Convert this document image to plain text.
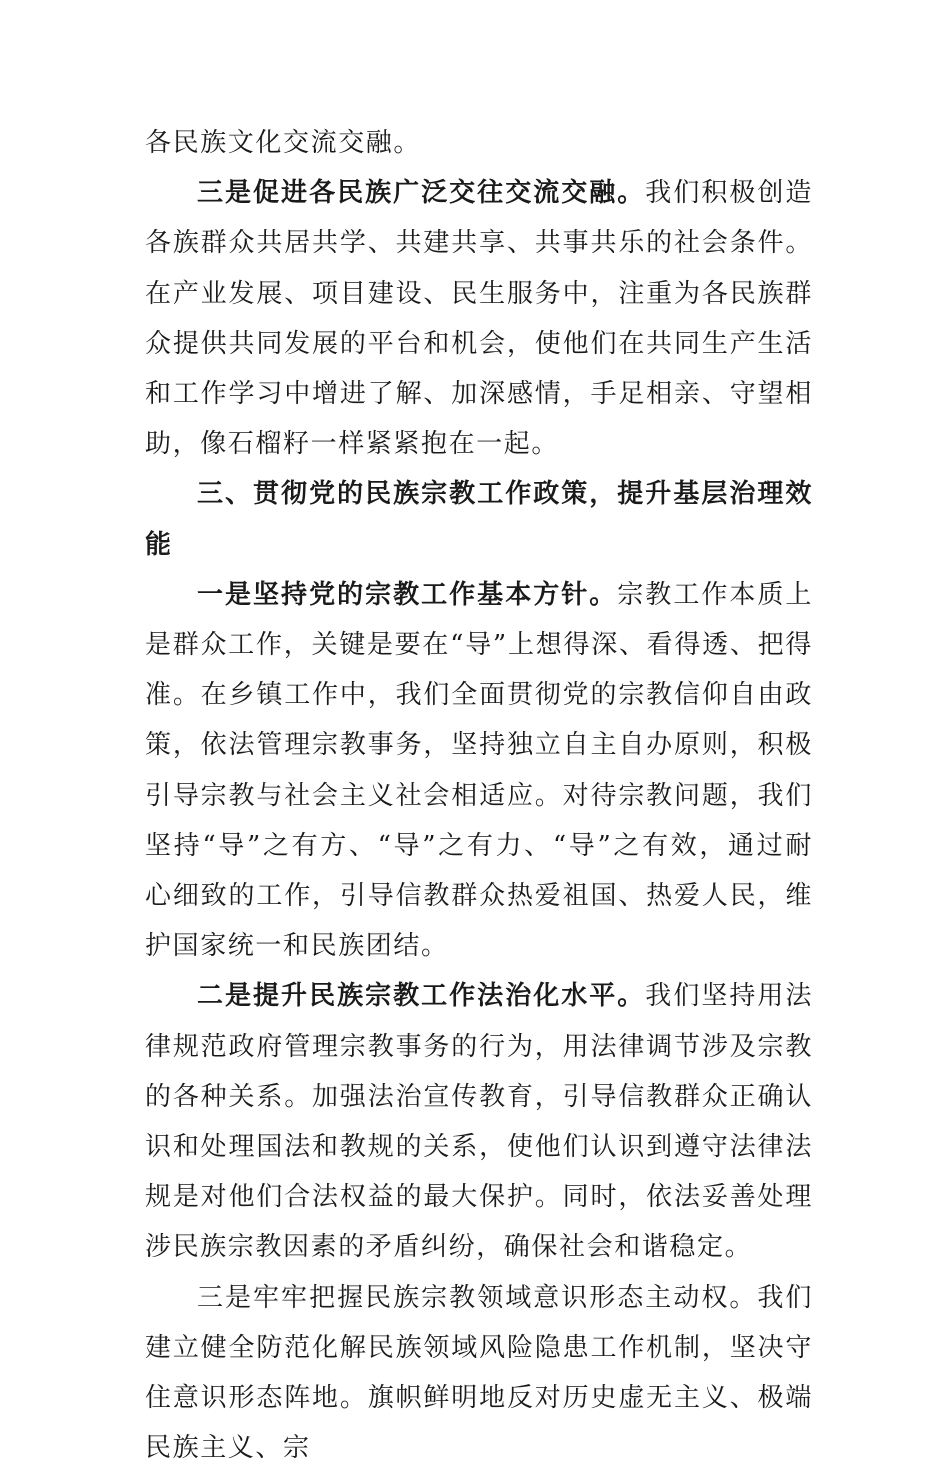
各民族文化交流交融。

三是促进各民族广泛交往交流交融。我们积极创造各族群众共居共学、共建共享、共事共乐的社会条件。在产业发展、项目建设、民生服务中，注重为各民族群众提供共同发展的平台和机会，使他们在共同生产生活和工作学习中增进了解、加深感情，手足相亲、守望相助，像石榴籽一样紧紧抱在一起。

三、贯彻党的民族宗教工作政策，提升基层治理效能

一是坚持党的宗教工作基本方针。宗教工作本质上是群众工作，关键是要在“导”上想得深、看得透、把得准。在乡镇工作中，我们全面贯彻党的宗教信仰自由政策，依法管理宗教事务，坚持独立自主自办原则，积极引导宗教与社会主义社会相适应。对待宗教问题，我们坚持“导”之有方、“导”之有力、“导”之有效，通过耐心细致的工作，引导信教群众热爱祖国、热爱人民，维护国家统一和民族团结。

二是提升民族宗教工作法治化水平。我们坚持用法律规范政府管理宗教事务的行为，用法律调节涉及宗教的各种关系。加强法治宣传教育，引导信教群众正确认识和处理国法和教规的关系，使他们认识到遵守法律法规是对他们合法权益的最大保护。同时，依法妥善处理涉民族宗教因素的矛盾纠纷，确保社会和谐稳定。

三是牢牢把握民族宗教领域意识形态主动权。我们建立健全防范化解民族领域风险隐患工作机制，坚决守住意识形态阵地。旗帜鲜明地反对历史虚无主义、极端民族主义、宗
